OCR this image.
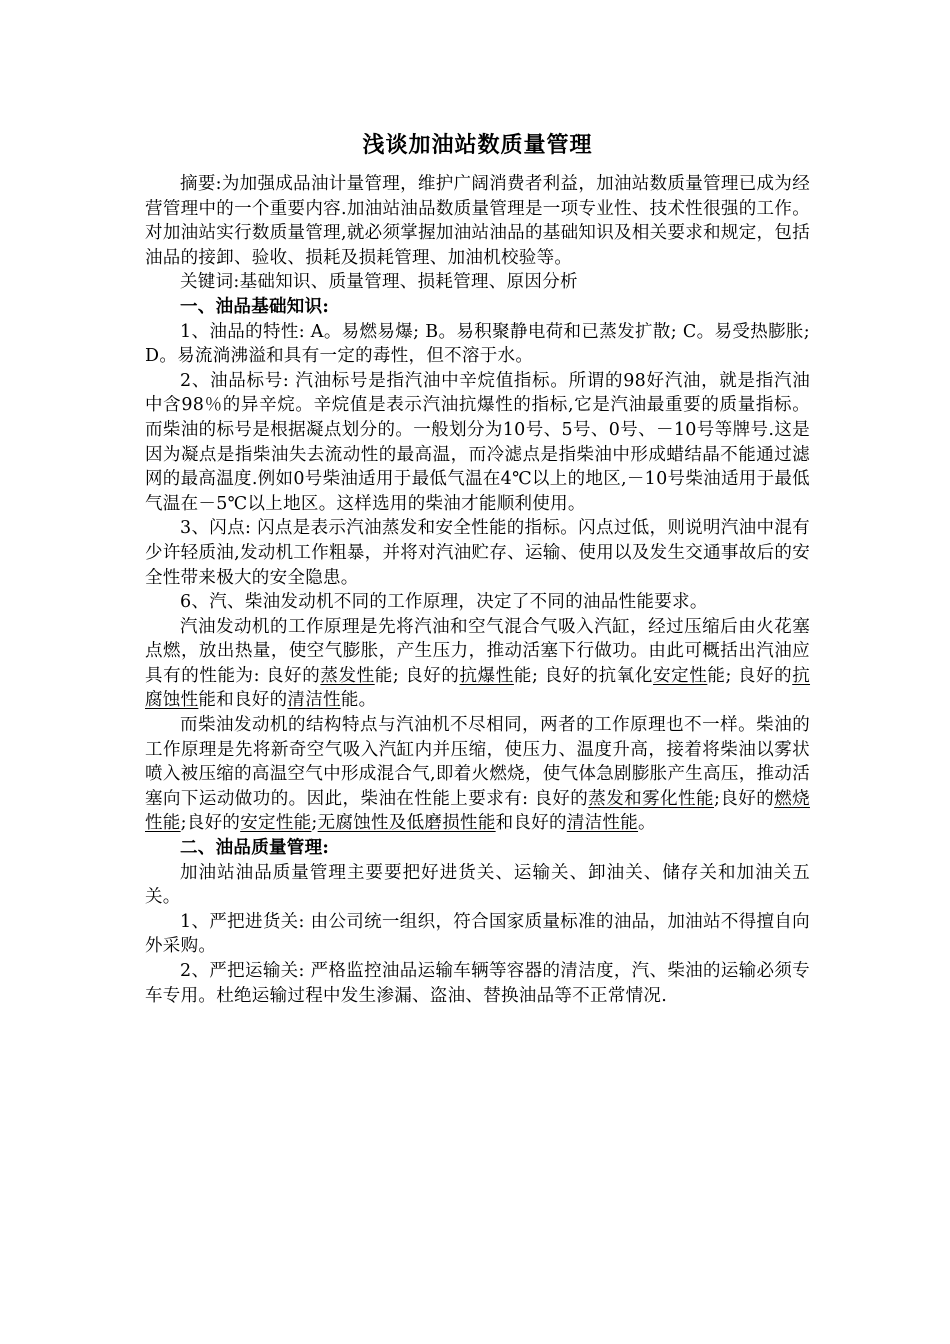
浅谈加油站数质量管理

摘要:为加强成品油计量管理，维护广阔消费者利益，加油站数质量管理已成为经营管理中的一个重要内容.加油站油品数质量管理是一项专业性、技术性很强的工作。对加油站实行数质量管理,就必须掌握加油站油品的基础知识及相关要求和规定，包括油品的接卸、验收、损耗及损耗管理、加油机校验等。

关键词:基础知识、质量管理、损耗管理、原因分析

一、油品基础知识:

1、油品的特性: A。易燃易爆; B。易积聚静电荷和已蒸发扩散; C。易受热膨胀; D。易流淌沸溢和具有一定的毒性，但不溶于水。

2、油品标号: 汽油标号是指汽油中辛烷值指标。所谓的98好汽油，就是指汽油中含98％的异辛烷。辛烷值是表示汽油抗爆性的指标,它是汽油最重要的质量指标。而柴油的标号是根据凝点划分的。一般划分为10号、5号、0号、－10号等牌号.这是因为凝点是指柴油失去流动性的最高温，而冷滤点是指柴油中形成蜡结晶不能通过滤网的最高温度.例如0号柴油适用于最低气温在4℃以上的地区,－10号柴油适用于最低气温在－5℃以上地区。这样选用的柴油才能顺利使用。

3、闪点: 闪点是表示汽油蒸发和安全性能的指标。闪点过低，则说明汽油中混有少许轻质油,发动机工作粗暴，并将对汽油贮存、运输、使用以及发生交通事故后的安全性带来极大的安全隐患。

6、汽、柴油发动机不同的工作原理，决定了不同的油品性能要求。

汽油发动机的工作原理是先将汽油和空气混合气吸入汽缸，经过压缩后由火花塞点燃，放出热量，使空气膨胀，产生压力，推动活塞下行做功。由此可概括出汽油应具有的性能为: 良好的蒸发性能; 良好的抗爆性能; 良好的抗氧化安定性能; 良好的抗腐蚀性能和良好的清洁性能。

而柴油发动机的结构特点与汽油机不尽相同，两者的工作原理也不一样。柴油的工作原理是先将新奇空气吸入汽缸内并压缩，使压力、温度升高，接着将柴油以雾状喷入被压缩的高温空气中形成混合气,即着火燃烧，使气体急剧膨胀产生高压，推动活塞向下运动做功的。因此，柴油在性能上要求有: 良好的蒸发和雾化性能;良好的燃烧性能;良好的安定性能;无腐蚀性及低磨损性能和良好的清洁性能。

二、油品质量管理:

加油站油品质量管理主要要把好进货关、运输关、卸油关、储存关和加油关五关。

1、严把进货关: 由公司统一组织，符合国家质量标准的油品，加油站不得擅自向外采购。

2、严把运输关: 严格监控油品运输车辆等容器的清洁度，汽、柴油的运输必须专车专用。杜绝运输过程中发生渗漏、盗油、替换油品等不正常情况.
